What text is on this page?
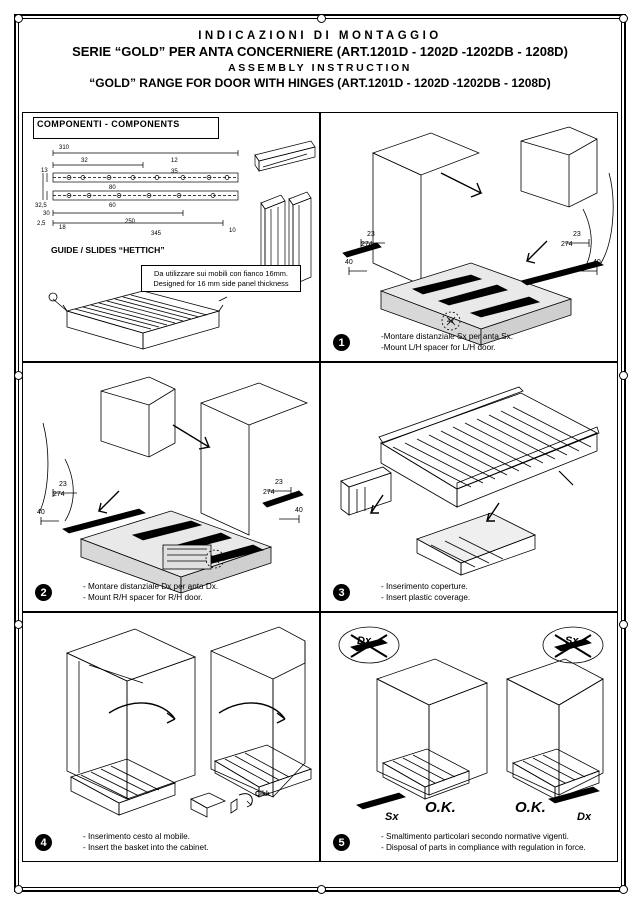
INDICAZIONI DI MONTAGGIO
SERIE “GOLD” PER ANTA CONCERNIERE (ART.1201D - 1202D -1202DB - 1208D)
ASSEMBLY INSTRUCTION
“GOLD” RANGE FOR DOOR WITH HINGES (ART.1201D - 1202D -1202DB - 1208D)
COMPONENTI - COMPONENTS
310
32
80
60
12
35
13
32,5
30
2,5
18
250
345	10
GUIDE / SLIDES “HETTICH”
Da utilizzare sui mobili con fianco 16mm.
Designed for 16 mm side panel thickness
23
274
40
23
274
40
4x
1	-Montare distanziale Sx per anta Sx.
-Mount L/H spacer for L/H door.
23
274
40
23
274
40
4x
2	- Montare distanziale Dx per anta Dx.
- Mount R/H spacer for R/H door.	3	- Inserimento coperture.
- Insert plastic coverage.
Clkk
4	- Inserimento cesto al mobile.
- Insert the basket into the cabinet.
Dx	Sx
O.K.
Sx
O.K.
Dx
5	- Smaltimento particolari secondo normative vigenti.
- Disposal of parts in compliance with regulation in force.
